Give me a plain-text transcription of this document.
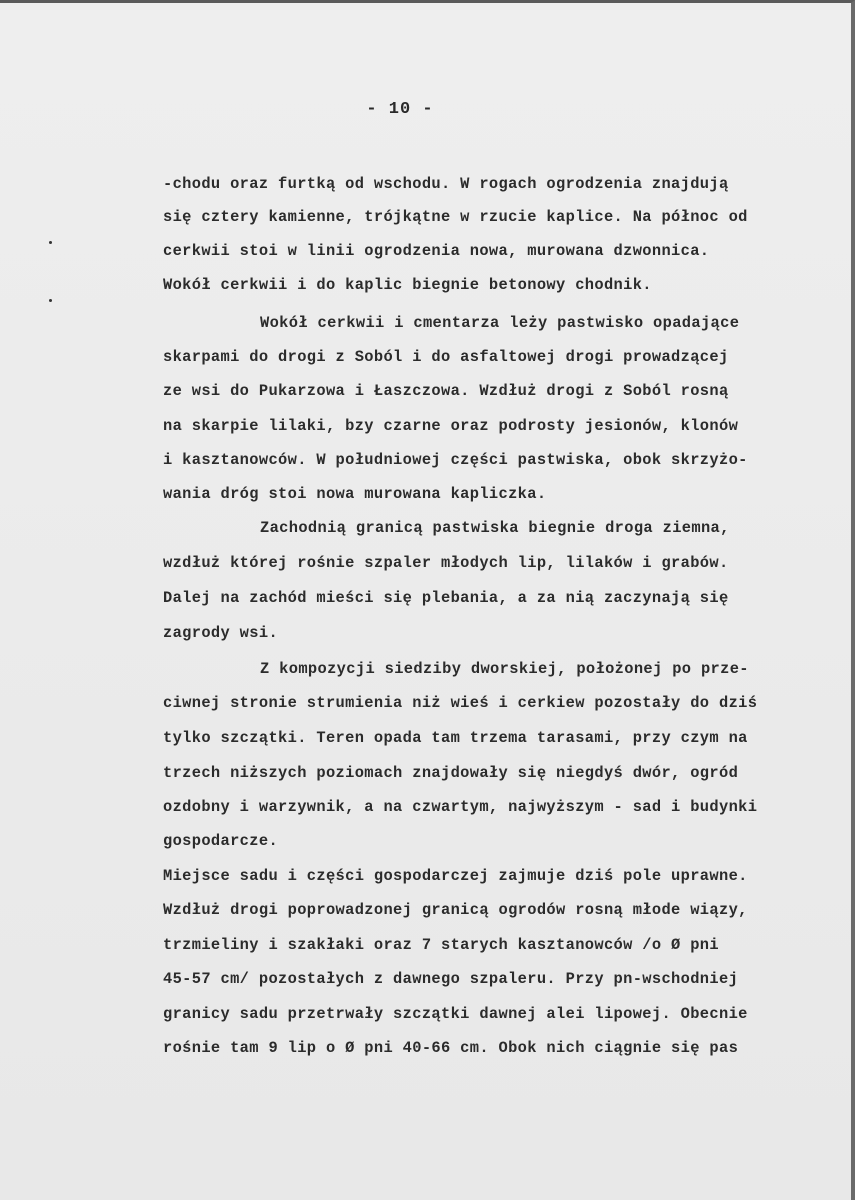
- 10 -
-chodu oraz furtką od wschodu. W rogach ogrodzenia znajdują
się cztery kamienne, trójkątne w rzucie kaplice. Na północ od
cerkwii stoi w linii ogrodzenia nowa, murowana dzwonnica.
Wokół cerkwii i do kaplic biegnie betonowy chodnik.
Wokół cerkwii i cmentarza leży pastwisko opadające
skarpami do drogi z Soból i do asfaltowej drogi prowadzącej
ze wsi do Pukarzowa i Łaszczowa. Wzdłuż drogi z Soból rosną
na skarpie lilaki, bzy czarne oraz podrosty jesionów, klonów
i kasztanowców. W południowej części pastwiska, obok skrzyżo-
wania dróg stoi nowa murowana kapliczka.
Zachodnią granicą pastwiska biegnie droga ziemna,
wzdłuż której rośnie szpaler młodych lip, lilaków i grabów.
Dalej na zachód mieści się plebania, a za nią zaczynają się
zagrody wsi.
Z kompozycji siedziby dworskiej, położonej po prze-
ciwnej stronie strumienia niż wieś i cerkiew pozostały do dziś
tylko szczątki. Teren opada tam trzema tarasami, przy czym na
trzech niższych poziomach znajdowały się niegdyś dwór, ogród
ozdobny i warzywnik, a na czwartym, najwyższym - sad i budynki
gospodarcze.
Miejsce sadu i części gospodarczej zajmuje dziś pole uprawne.
Wzdłuż drogi poprowadzonej granicą ogrodów rosną młode wiązy,
trzmieliny i szakłaki oraz 7 starych kasztanowców /o Ø pni
45-57 cm/ pozostałych z dawnego szpaleru. Przy pn-wschodniej
granicy sadu przetrwały szczątki dawnej alei lipowej. Obecnie
rośnie tam 9 lip o Ø pni 40-66 cm. Obok nich ciągnie się pas
